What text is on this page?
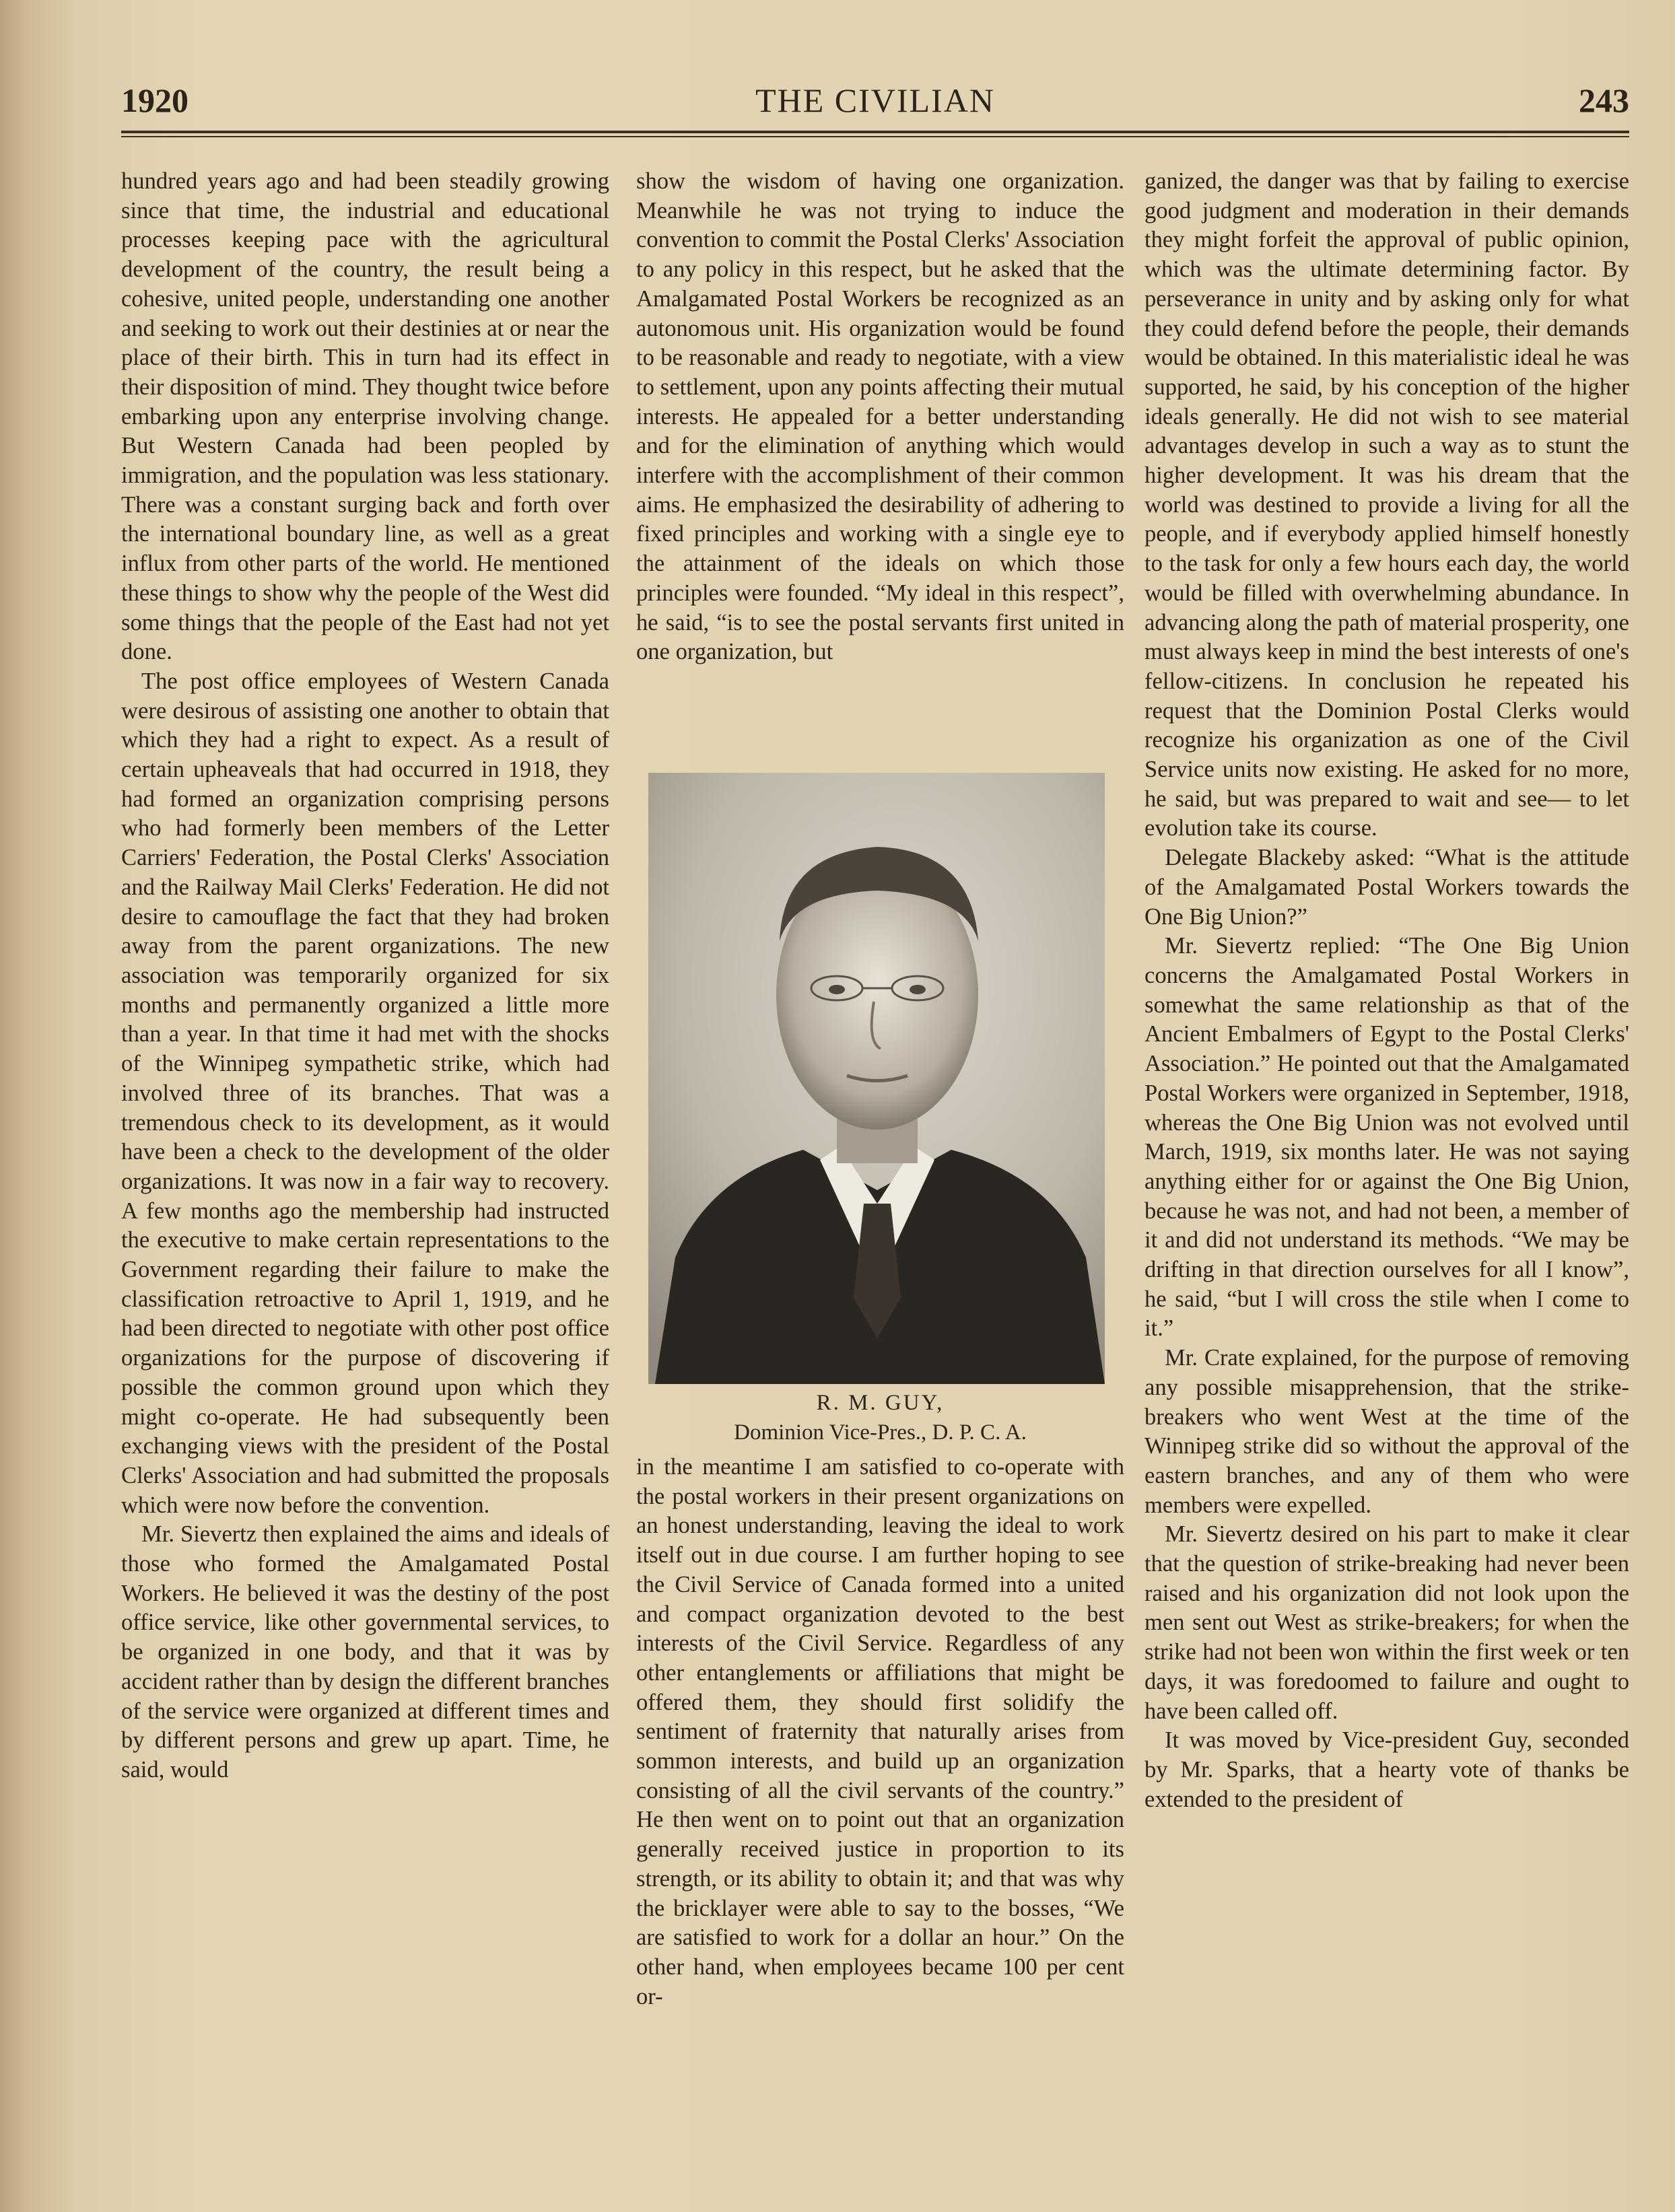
THE CIVILIAN
1920	243

hundred years ago and had been steadily growing since that time, the industrial and educational processes keeping pace with the agricultural development of the country, the result being a cohesive, united people, understanding one another and seeking to work out their destinies at or near the place of their birth. This in turn had its effect in their disposition of mind. They thought twice before embarking upon any enterprise involving change. But Western Canada had been peopled by immigration, and the population was less stationary. There was a constant surging back and forth over the international boundary line, as well as a great influx from other parts of the world. He mentioned these things to show why the people of the West did some things that the people of the East had not yet done.

The post office employees of Western Canada were desirous of assisting one another to obtain that which they had a right to expect. As a result of certain upheaveals that had occurred in 1918, they had formed an organization comprising persons who had formerly been members of the Letter Carriers' Federation, the Postal Clerks' Association and the Railway Mail Clerks' Federation. He did not desire to camouflage the fact that they had broken away from the parent organizations. The new association was temporarily organized for six months and permanently organized a little more than a year. In that time it had met with the shocks of the Winnipeg sympathetic strike, which had involved three of its branches. That was a tremendous check to its development, as it would have been a check to the development of the older organizations. It was now in a fair way to recovery. A few months ago the membership had instructed the executive to make certain representations to the Government regarding their failure to make the classification retroactive to April 1, 1919, and he had been directed to negotiate with other post office organizations for the purpose of discovering if possible the common ground upon which they might co-operate. He had subsequently been exchanging views with the president of the Postal Clerks' Association and had submitted the proposals which were now before the convention.

Mr. Sievertz then explained the aims and ideals of those who formed the Amalgamated Postal Workers. He believed it was the destiny of the post office service, like other governmental services, to be organized in one body, and that it was by accident rather than by design the different branches of the service were organized at different times and by different persons and grew up apart. Time, he said, would

show the wisdom of having one organization. Meanwhile he was not trying to induce the convention to commit the Postal Clerks' Association to any policy in this respect, but he asked that the Amalgamated Postal Workers be recognized as an autonomous unit. His organization would be found to be reasonable and ready to negotiate, with a view to settlement, upon any points affecting their mutual interests. He appealed for a better understanding and for the elimination of anything which would interfere with the accomplishment of their common aims. He emphasized the desirability of adhering to fixed principles and working with a single eye to the attainment of the ideals on which those principles were founded. “My ideal in this respect”, he said, “is to see the postal servants first united in one organization, but

R. M. GUY,
Dominion Vice-Pres., D. P. C. A.

in the meantime I am satisfied to co-operate with the postal workers in their present organizations on an honest understanding, leaving the ideal to work itself out in due course. I am further hoping to see the Civil Service of Canada formed into a united and compact organization devoted to the best interests of the Civil Service. Regardless of any other entanglements or affiliations that might be offered them, they should first solidify the sentiment of fraternity that naturally arises from sommon interests, and build up an organization consisting of all the civil servants of the country.” He then went on to point out that an organization generally received justice in proportion to its strength, or its ability to obtain it; and that was why the bricklayer were able to say to the bosses, “We are satisfied to work for a dollar an hour.” On the other hand, when employees became 100 per cent or-

ganized, the danger was that by failing to exercise good judgment and moderation in their demands they might forfeit the approval of public opinion, which was the ultimate determining factor. By perseverance in unity and by asking only for what they could defend before the people, their demands would be obtained. In this materialistic ideal he was supported, he said, by his conception of the higher ideals generally. He did not wish to see material advantages develop in such a way as to stunt the higher development. It was his dream that the world was destined to provide a living for all the people, and if everybody applied himself honestly to the task for only a few hours each day, the world would be filled with overwhelming abundance. In advancing along the path of material prosperity, one must always keep in mind the best interests of one's fellow-citizens. In conclusion he repeated his request that the Dominion Postal Clerks would recognize his organization as one of the Civil Service units now existing. He asked for no more, he said, but was prepared to wait and see— to let evolution take its course.

Delegate Blackeby asked: “What is the attitude of the Amalgamated Postal Workers towards the One Big Union?”

Mr. Sievertz replied: “The One Big Union concerns the Amalgamated Postal Workers in somewhat the same relationship as that of the Ancient Embalmers of Egypt to the Postal Clerks' Association.” He pointed out that the Amalgamated Postal Workers were organized in September, 1918, whereas the One Big Union was not evolved until March, 1919, six months later. He was not saying anything either for or against the One Big Union, because he was not, and had not been, a member of it and did not understand its methods. “We may be drifting in that direction ourselves for all I know”, he said, “but I will cross the stile when I come to it.”

Mr. Crate explained, for the purpose of removing any possible misapprehension, that the strike-breakers who went West at the time of the Winnipeg strike did so without the approval of the eastern branches, and any of them who were members were expelled.

Mr. Sievertz desired on his part to make it clear that the question of strike-breaking had never been raised and his organization did not look upon the men sent out West as strike-breakers; for when the strike had not been won within the first week or ten days, it was foredoomed to failure and ought to have been called off.

It was moved by Vice-president Guy, seconded by Mr. Sparks, that a hearty vote of thanks be extended to the president of
